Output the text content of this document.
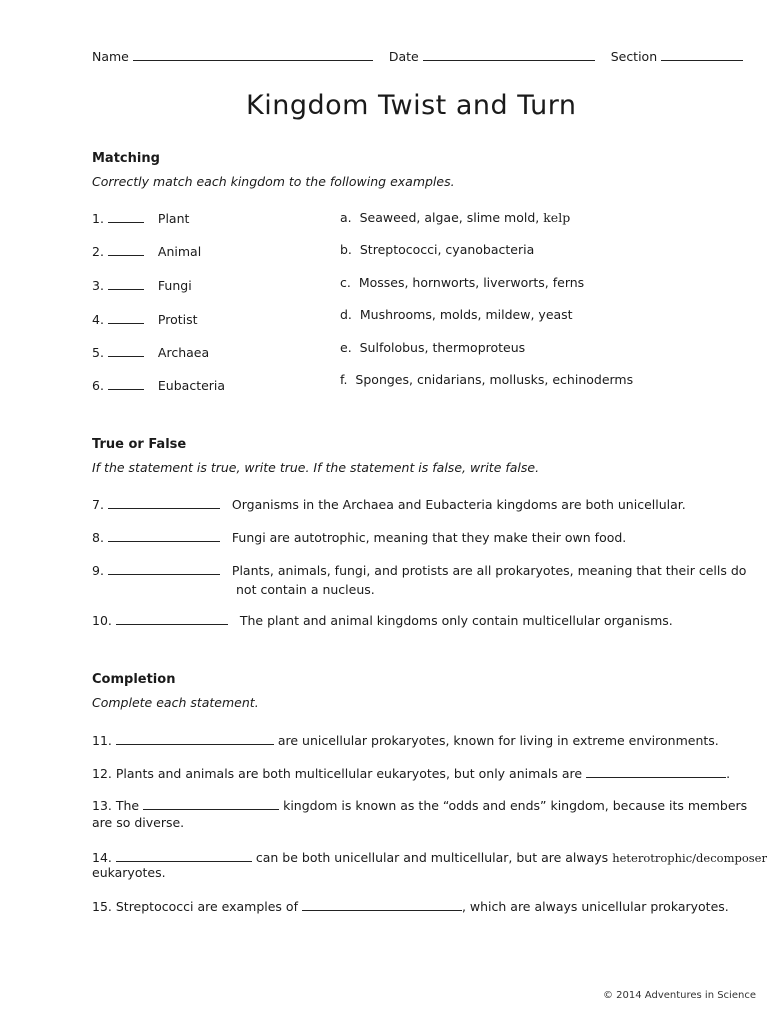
Name	Date	Section
Kingdom Twist and Turn
Matching
Correctly match each kingdom to the following examples.
1.	Plant
2.	Animal
3.	Fungi
4.	Protist
5.	Archaea
6.	Eubacteria
a. Seaweed, algae, slime mold, kelp
b. Streptococci, cyanobacteria
c. Mosses, hornworts, liverworts, ferns
d. Mushrooms, molds, mildew, yeast
e. Sulfolobus, thermoproteus
f. Sponges, cnidarians, mollusks, echinoderms
True or False
If the statement is true, write true. If the statement is false, write false.
7.	Organisms in the Archaea and Eubacteria kingdoms are both unicellular.
8.	Fungi are autotrophic, meaning that they make their own food.
9.	Plants, animals, fungi, and protists are all prokaryotes, meaning that their cells do
not contain a nucleus.
10.	The plant and animal kingdoms only contain multicellular organisms.
Completion
Complete each statement.
11.	are unicellular prokaryotes, known for living in extreme environments.
12. Plants and animals are both multicellular eukaryotes, but only animals are	.
13. The	kingdom is known as the “odds and ends” kingdom, because its members
are so diverse.
14.	can be both unicellular and multicellular, but are always heterotrophic/decomposer
eukaryotes.
15. Streptococci are examples of	, which are always unicellular prokaryotes.
© 2014 Adventures in Science
